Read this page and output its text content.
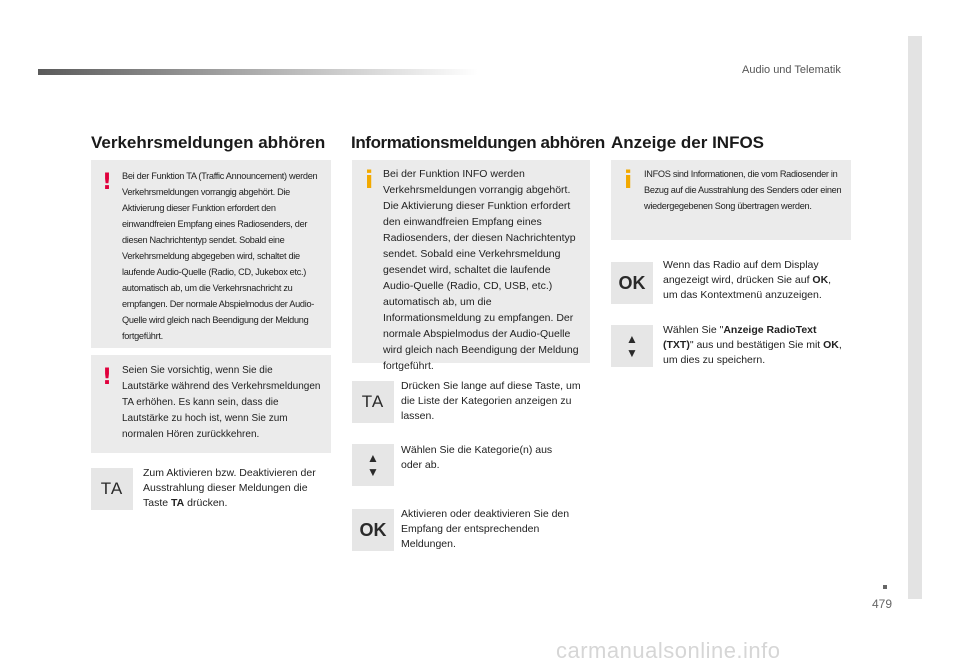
Audio und Telematik
479
Verkehrsmeldungen abhören
! Bei der Funktion TA (Traffic Announcement) werden Verkehrsmeldungen vorrangig abgehört. Die Aktivierung dieser Funktion erfordert den einwandfreien Empfang eines Radiosenders, der diesen Nachrichtentyp sendet. Sobald eine Verkehrsmeldung abgegeben wird, schaltet die laufende Audio-Quelle (Radio, CD, Jukebox etc.) automatisch ab, um die Verkehrsnachricht zu empfangen. Der normale Abspielmodus der Audio-Quelle wird gleich nach Beendigung der Meldung fortgeführt.

! Seien Sie vorsichtig, wenn Sie die Lautstärke während des Verkehrsmeldungen TA erhöhen. Es kann sein, dass die Lautstärke zu hoch ist, wenn Sie zum normalen Hören zurückkehren.

TA

Zum Aktivieren bzw. Deaktivieren der Ausstrahlung dieser Meldungen die Taste TA drücken.

Informationsmeldungen abhören
i Bei der Funktion INFO werden Verkehrsmeldungen vorrangig abgehört. Die Aktivierung dieser Funktion erfordert den einwandfreien Empfang eines Radiosenders, der diesen Nachrichtentyp sendet. Sobald eine Verkehrsmeldung gesendet wird, schaltet die laufende Audio-Quelle (Radio, CD, USB, etc.) automatisch ab, um die Informationsmeldung zu empfangen. Der normale Abspielmodus der Audio-Quelle wird gleich nach Beendigung der Meldung fortgeführt.

TA

Drücken Sie lange auf diese Taste, um die Liste der Kategorien anzeigen zu lassen.

▲
▼

Wählen Sie die Kategorie(n) aus oder ab.

OK

Aktivieren oder deaktivieren Sie den Empfang der entsprechenden Meldungen.

Anzeige der INFOS
i INFOS sind Informationen, die vom Radiosender in Bezug auf die Ausstrahlung des Senders oder einen wiedergegebenen Song übertragen werden.

OK

Wenn das Radio auf dem Display angezeigt wird, drücken Sie auf OK, um das Kontextmenü anzuzeigen.

▲
▼

Wählen Sie "Anzeige RadioText (TXT)" aus und bestätigen Sie mit OK, um dies zu speichern.

carmanualsonline.info
